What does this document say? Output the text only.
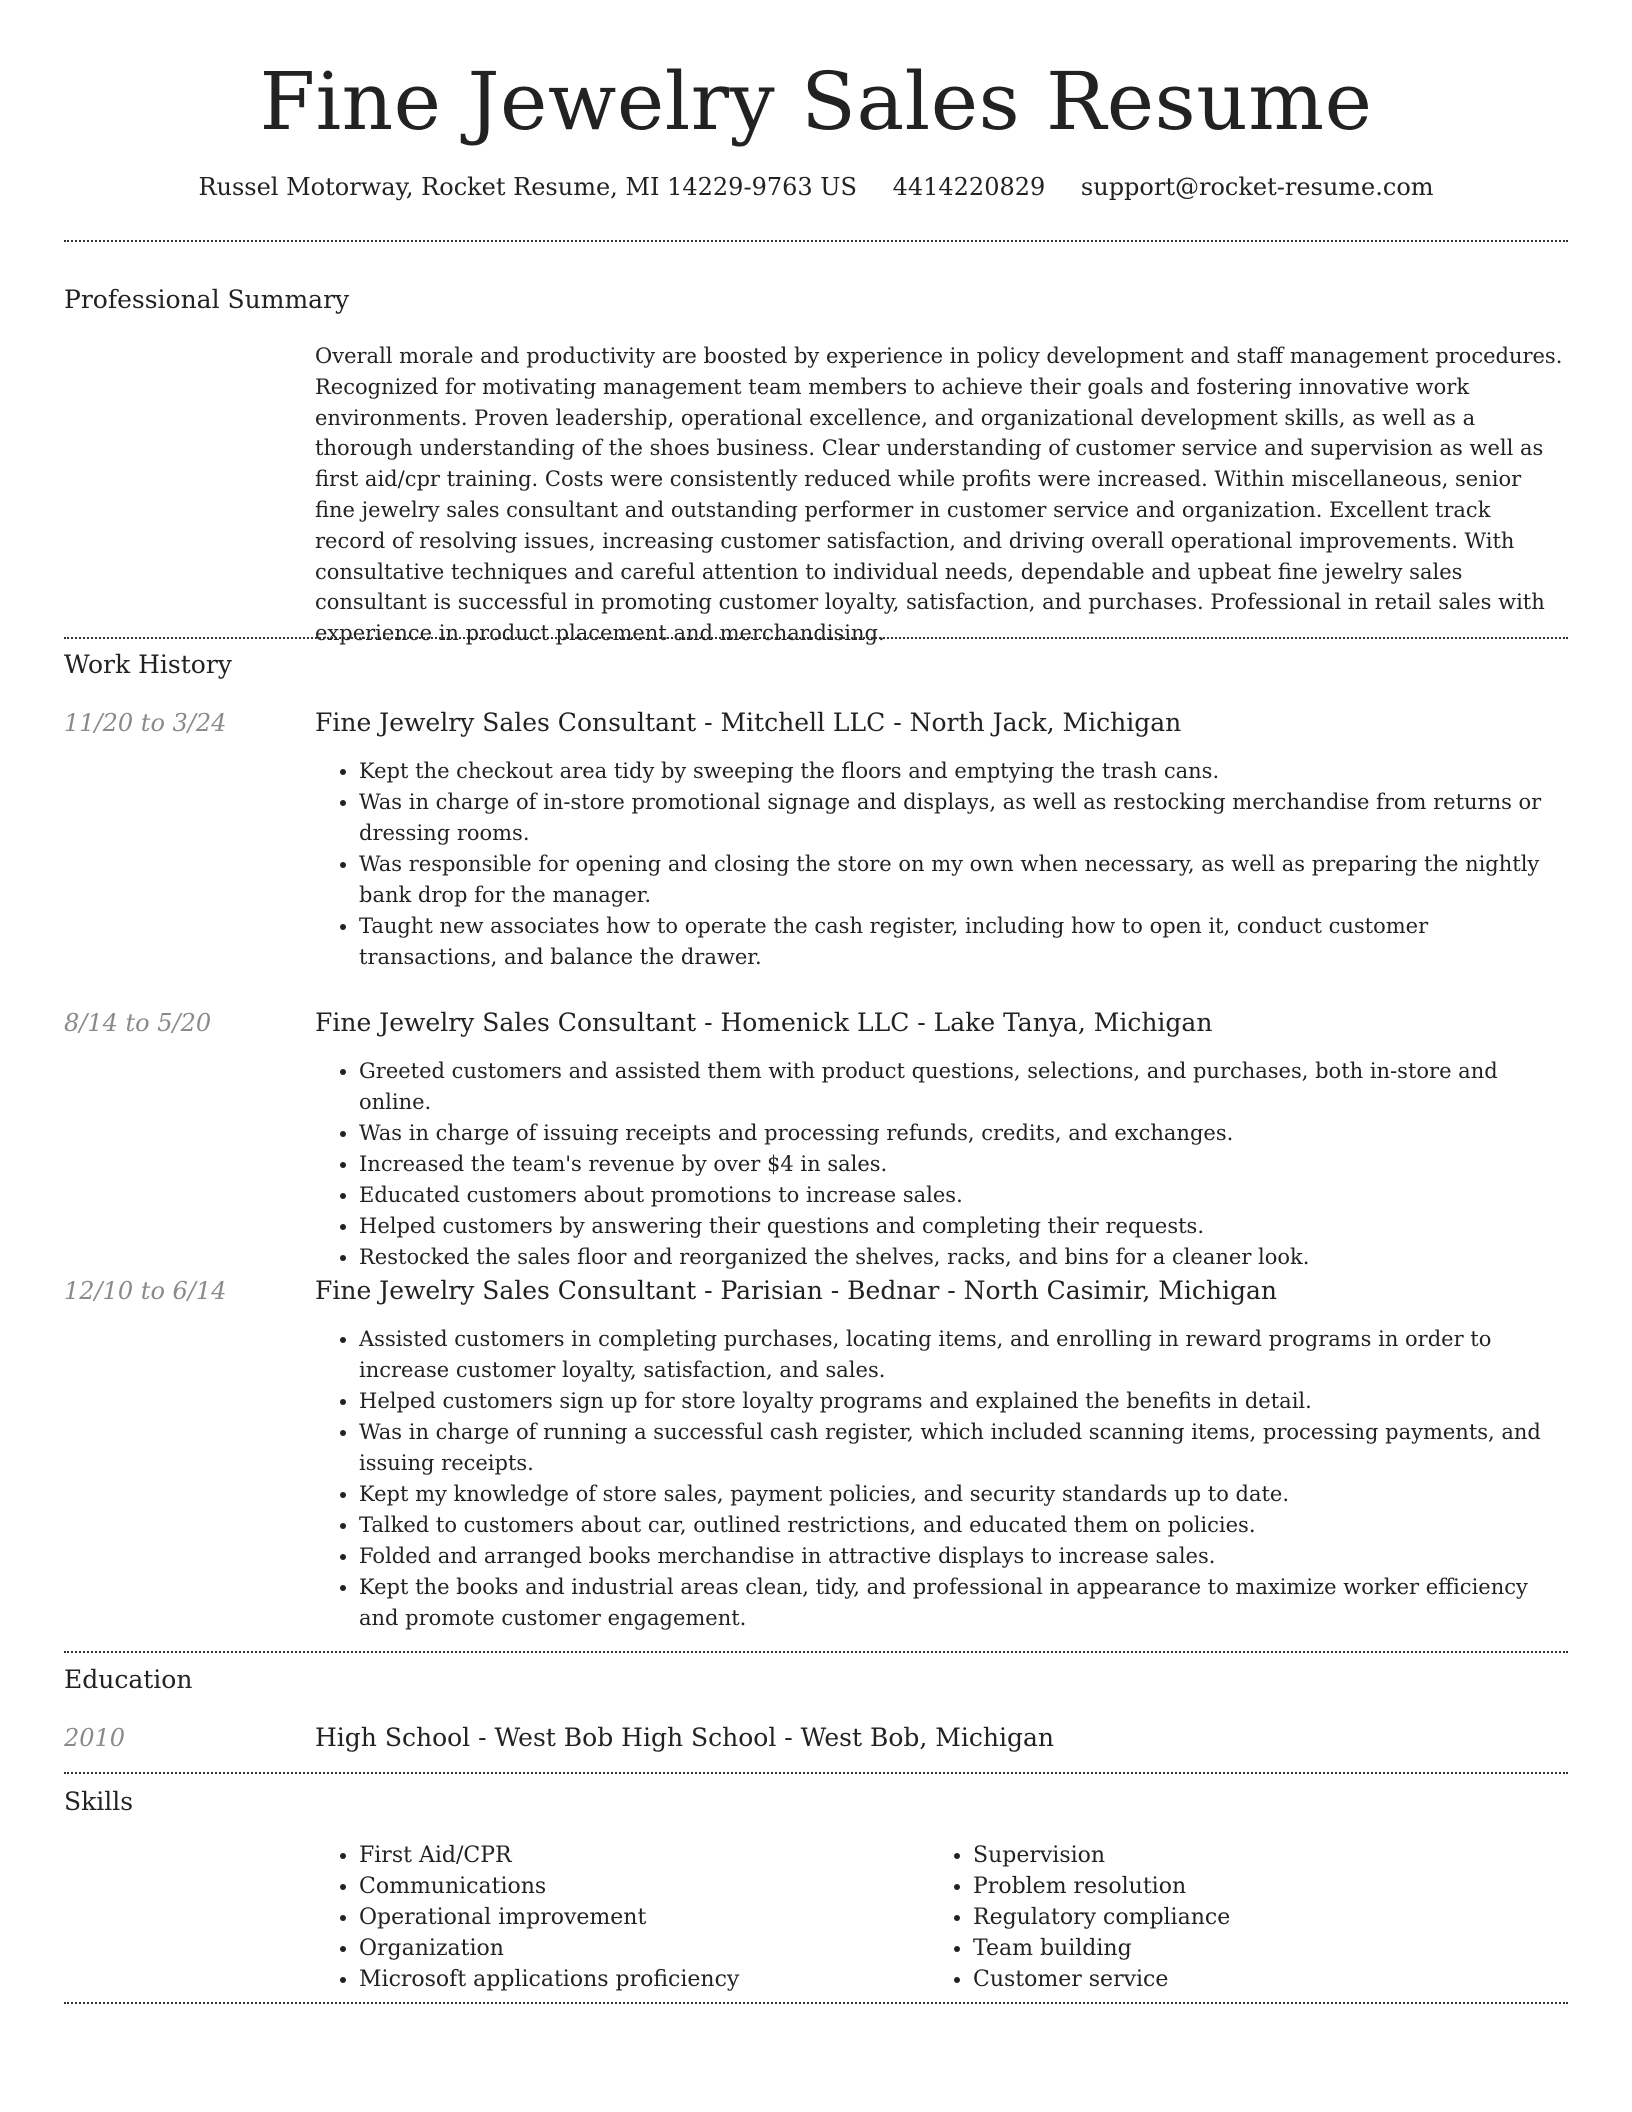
Fine Jewelry Sales Resume
Russel Motorway, Rocket Resume, MI 14229-9763 US 4414220829 support@rocket-resume.com
Professional Summary

Overall morale and productivity are boosted by experience in policy development and staff management procedures. Recognized for motivating management team members to achieve their goals and fostering innovative work environments. Proven leadership, operational excellence, and organizational development skills, as well as a thorough understanding of the shoes business. Clear understanding of customer service and supervision as well as first aid/cpr training. Costs were consistently reduced while profits were increased. Within miscellaneous, senior fine jewelry sales consultant and outstanding performer in customer service and organization. Excellent track record of resolving issues, increasing customer satisfaction, and driving overall operational improvements. With consultative techniques and careful attention to individual needs, dependable and upbeat fine jewelry sales consultant is successful in promoting customer loyalty, satisfaction, and purchases. Professional in retail sales with experience in product placement and merchandising.

Work History
11/20 to 3/24	Fine Jewelry Sales Consultant - Mitchell LLC - North Jack, Michigan
• Kept the checkout area tidy by sweeping the floors and emptying the trash cans.
• Was in charge of in-store promotional signage and displays, as well as restocking merchandise from returns or dressing rooms.
• Was responsible for opening and closing the store on my own when necessary, as well as preparing the nightly bank drop for the manager.
• Taught new associates how to operate the cash register, including how to open it, conduct customer transactions, and balance the drawer.
8/14 to 5/20	Fine Jewelry Sales Consultant - Homenick LLC - Lake Tanya, Michigan
• Greeted customers and assisted them with product questions, selections, and purchases, both in-store and online.
• Was in charge of issuing receipts and processing refunds, credits, and exchanges.
• Increased the team's revenue by over $4 in sales.
• Educated customers about promotions to increase sales.
• Helped customers by answering their questions and completing their requests.
• Restocked the sales floor and reorganized the shelves, racks, and bins for a cleaner look.
12/10 to 6/14	Fine Jewelry Sales Consultant - Parisian - Bednar - North Casimir, Michigan
• Assisted customers in completing purchases, locating items, and enrolling in reward programs in order to increase customer loyalty, satisfaction, and sales.
• Helped customers sign up for store loyalty programs and explained the benefits in detail.
• Was in charge of running a successful cash register, which included scanning items, processing payments, and issuing receipts.
• Kept my knowledge of store sales, payment policies, and security standards up to date.
• Talked to customers about car, outlined restrictions, and educated them on policies.
• Folded and arranged books merchandise in attractive displays to increase sales.
• Kept the books and industrial areas clean, tidy, and professional in appearance to maximize worker efficiency and promote customer engagement.
Education
2010	High School - West Bob High School - West Bob, Michigan
Skills
• First Aid/CPR
• Communications
• Operational improvement
• Organization
• Microsoft applications proficiency
• Supervision
• Problem resolution
• Regulatory compliance
• Team building
• Customer service
